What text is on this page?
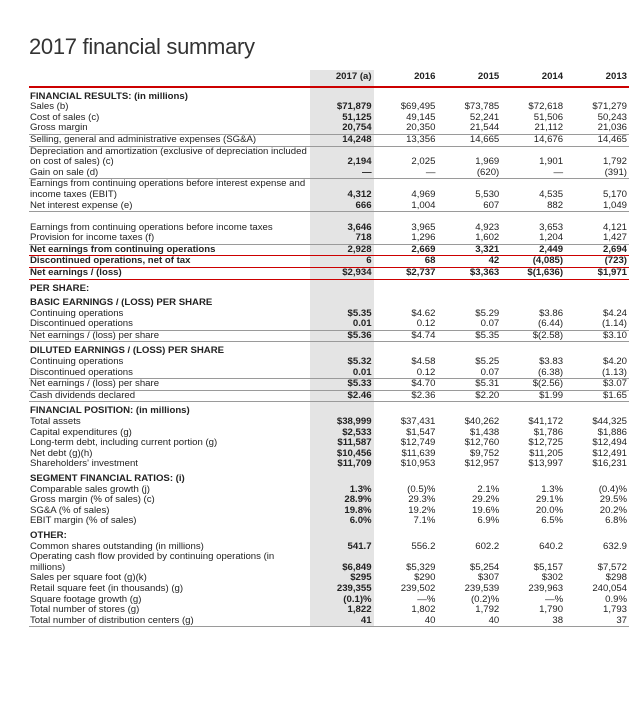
2017 financial summary
	2017 (a)	2016	2015	2014	2013
FINANCIAL RESULTS: (in millions)					
Sales (b)	$71,879	$69,495	$73,785	$72,618	$71,279
Cost of sales (c)	51,125	49,145	52,241	51,506	50,243
Gross margin	20,754	20,350	21,544	21,112	21,036
Selling, general and administrative expenses (SG&A)	14,248	13,356	14,665	14,676	14,465
Depreciation and amortization (exclusive of depreciation included on cost of sales) (c)	2,194	2,025	1,969	1,901	1,792
Gain on sale (d)	—	—	(620)	—	(391)
Earnings from continuing operations before interest expense and income taxes (EBIT)	4,312	4,969	5,530	4,535	5,170
Net interest expense (e)	666	1,004	607	882	1,049
Earnings from continuing operations before income taxes	3,646	3,965	4,923	3,653	4,121
Provision for income taxes (f)	718	1,296	1,602	1,204	1,427
Net earnings from continuing operations	2,928	2,669	3,321	2,449	2,694
Discontinued operations, net of tax	6	68	42	(4,085)	(723)
Net earnings / (loss)	$2,934	$2,737	$3,363	$(1,636)	$1,971
PER SHARE:					
BASIC EARNINGS / (LOSS) PER SHARE					
Continuing operations	$5.35	$4.62	$5.29	$3.86	$4.24
Discontinued operations	0.01	0.12	0.07	(6.44)	(1.14)
Net earnings / (loss) per share	$5.36	$4.74	$5.35	$(2.58)	$3.10
DILUTED EARNINGS / (LOSS) PER SHARE					
Continuing operations	$5.32	$4.58	$5.25	$3.83	$4.20
Discontinued operations	0.01	0.12	0.07	(6.38)	(1.13)
Net earnings / (loss) per share	$5.33	$4.70	$5.31	$(2.56)	$3.07
Cash dividends declared	$2.46	$2.36	$2.20	$1.99	$1.65
FINANCIAL POSITION: (in millions)					
Total assets	$38,999	$37,431	$40,262	$41,172	$44,325
Capital expenditures (g)	$2,533	$1,547	$1,438	$1,786	$1,886
Long-term debt, including current portion (g)	$11,587	$12,749	$12,760	$12,725	$12,494
Net debt (g)(h)	$10,456	$11,639	$9,752	$11,205	$12,491
Shareholders' investment	$11,709	$10,953	$12,957	$13,997	$16,231
SEGMENT FINANCIAL RATIOS: (i)					
Comparable sales growth (j)	1.3%	(0.5)%	2.1%	1.3%	(0.4)%
Gross margin (% of sales) (c)	28.9%	29.3%	29.2%	29.1%	29.5%
SG&A (% of sales)	19.8%	19.2%	19.6%	20.0%	20.2%
EBIT margin (% of sales)	6.0%	7.1%	6.9%	6.5%	6.8%
OTHER:					
Common shares outstanding (in millions)	541.7	556.2	602.2	640.2	632.9
Operating cash flow provided by continuing operations (in millions)	$6,849	$5,329	$5,254	$5,157	$7,572
Sales per square foot (g)(k)	$295	$290	$307	$302	$298
Retail square feet (in thousands) (g)	239,355	239,502	239,539	239,963	240,054
Square footage growth (g)	(0.1)%	—%	(0.2)%	—%	0.9%
Total number of stores (g)	1,822	1,802	1,792	1,790	1,793
Total number of distribution centers (g)	41	40	40	38	37
